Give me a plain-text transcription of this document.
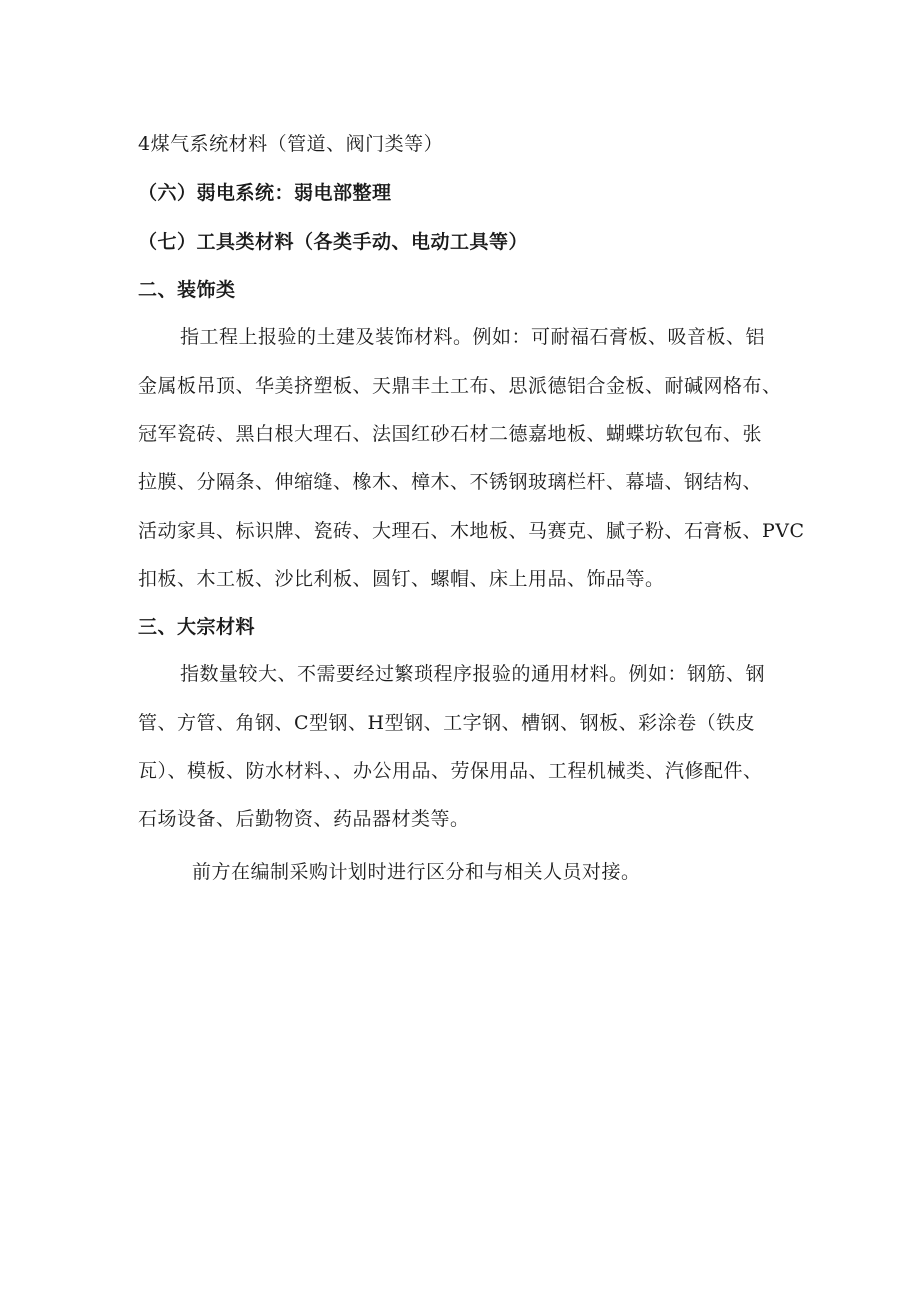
4煤气系统材料（管道、阀门类等）
（六）弱电系统：弱电部整理
（七）工具类材料（各类手动、电动工具等）
二、装饰类
指工程上报验的土建及装饰材料。例如：可耐福石膏板、吸音板、铝
金属板吊顶、华美挤塑板、天鼎丰土工布、思派德铝合金板、耐碱网格布、
冠军瓷砖、黑白根大理石、法国红砂石材二德嘉地板、蝴蝶坊软包布、张
拉膜、分隔条、伸缩缝、橡木、樟木、不锈钢玻璃栏杆、幕墙、钢结构、
活动家具、标识牌、瓷砖、大理石、木地板、马赛克、腻子粉、石膏板、PVC
扣板、木工板、沙比利板、圆钉、螺帽、床上用品、饰品等。
三、大宗材料
指数量较大、不需要经过繁琐程序报验的通用材料。例如：钢筋、钢
管、方管、角钢、C型钢、H型钢、工字钢、槽钢、钢板、彩涂卷（铁皮
瓦）、模板、防水材料、、办公用品、劳保用品、工程机械类、汽修配件、
石场设备、后勤物资、药品器材类等。
前方在编制采购计划时进行区分和与相关人员对接。
